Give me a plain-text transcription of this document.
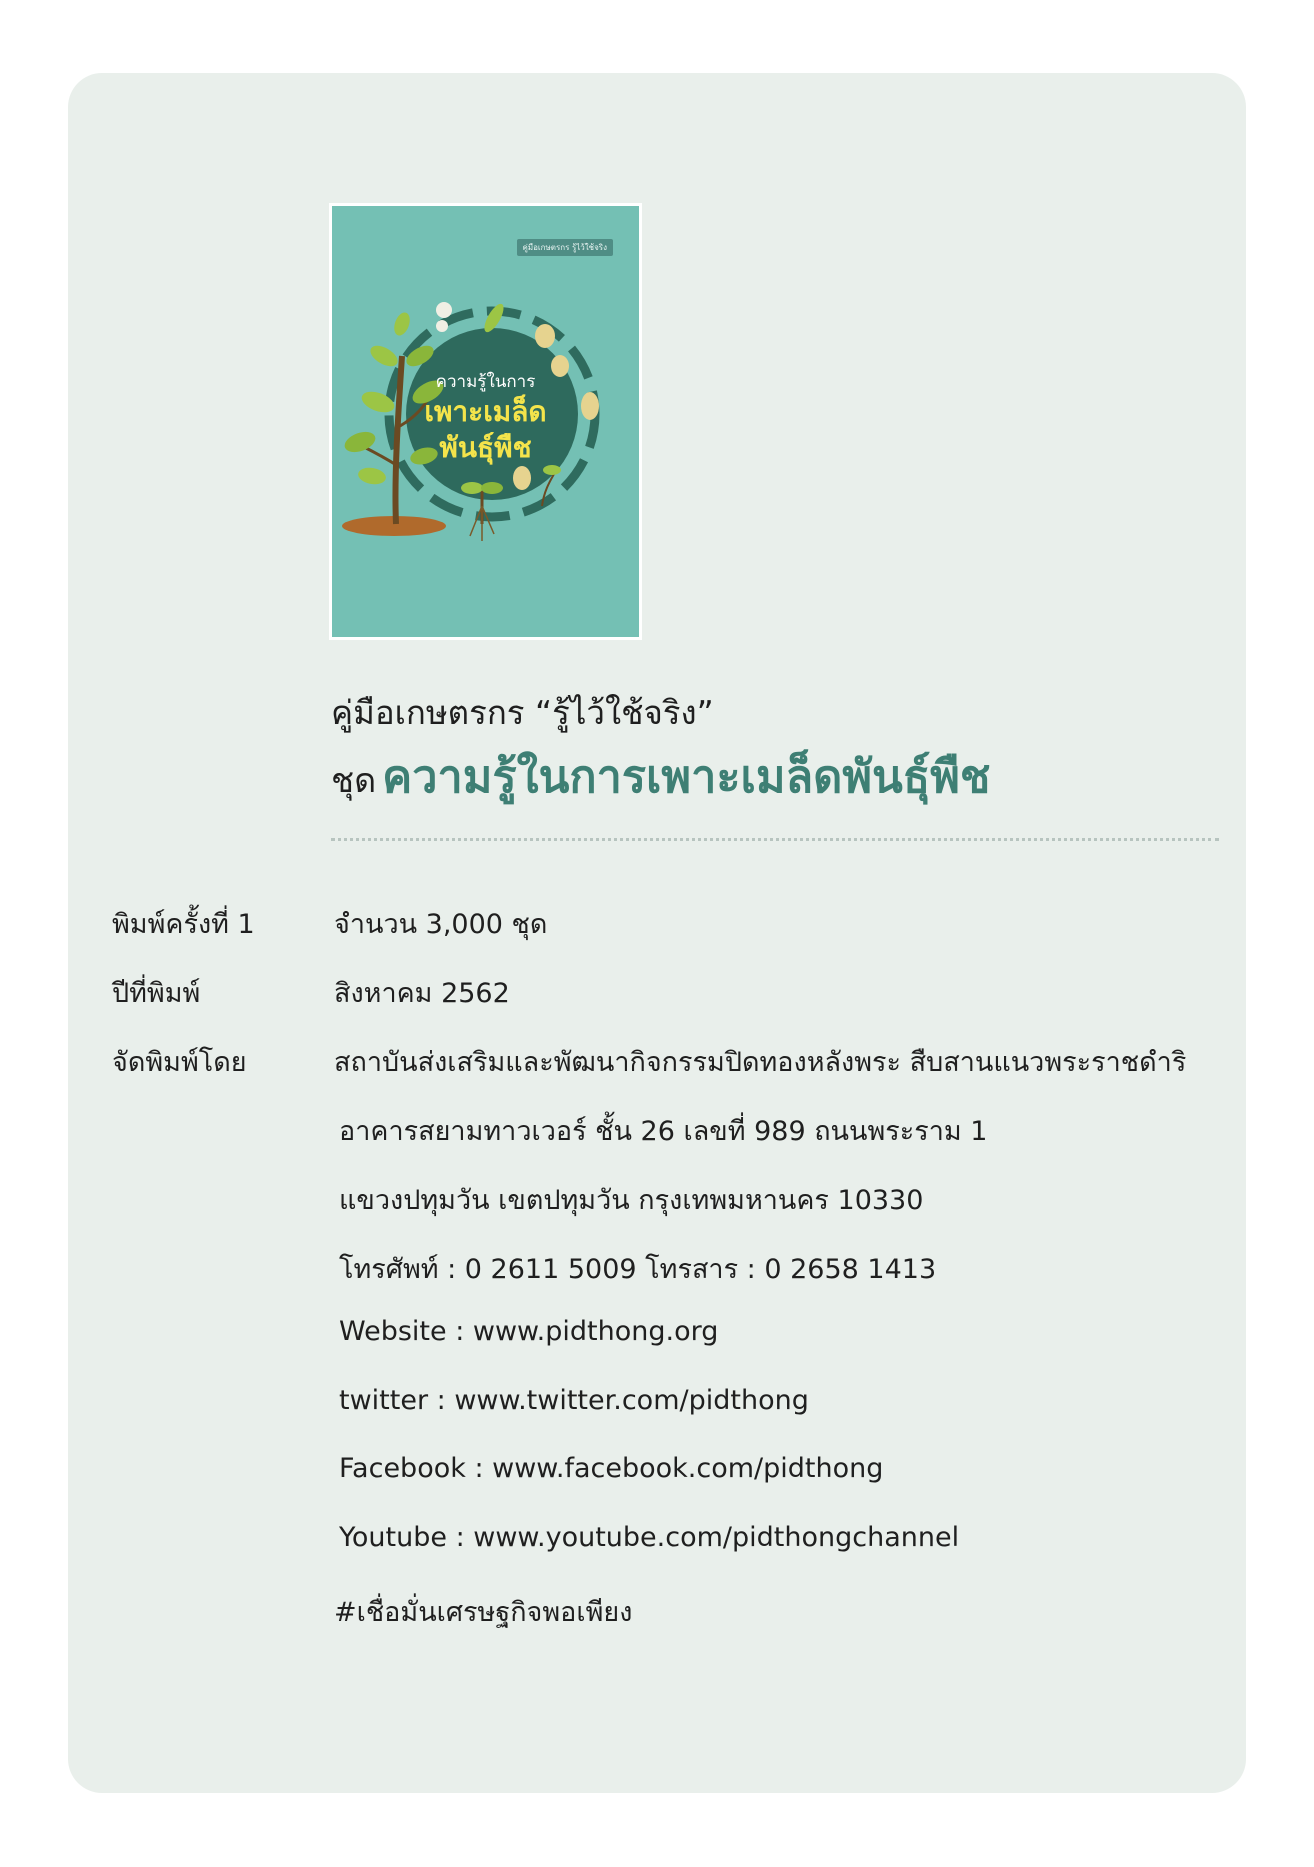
คู่มือเกษตรกร รู้ไว้ใช้จริง
ความรู้ในการ
เพาะเมล็ด
พันธุ์พืช
คู่มือเกษตรกร “รู้ไว้ใช้จริง”
ชุด ความรู้ในการเพาะเมล็ดพันธุ์พืช
พิมพ์ครั้งที่ 1	จำนวน 3,000 ชุด
ปีที่พิมพ์	สิงหาคม 2562
จัดพิมพ์โดย	สถาบันส่งเสริมและพัฒนากิจกรรมปิดทองหลังพระ สืบสานแนวพระราชดำริ
อาคารสยามทาวเวอร์ ชั้น 26 เลขที่ 989 ถนนพระราม 1
แขวงปทุมวัน เขตปทุมวัน กรุงเทพมหานคร 10330
โทรศัพท์ : 0 2611 5009 โทรสาร : 0 2658 1413
Website : www.pidthong.org
twitter : www.twitter.com/pidthong
Facebook : www.facebook.com/pidthong
Youtube : www.youtube.com/pidthongchannel
#เชื่อมั่นเศรษฐกิจพอเพียง
